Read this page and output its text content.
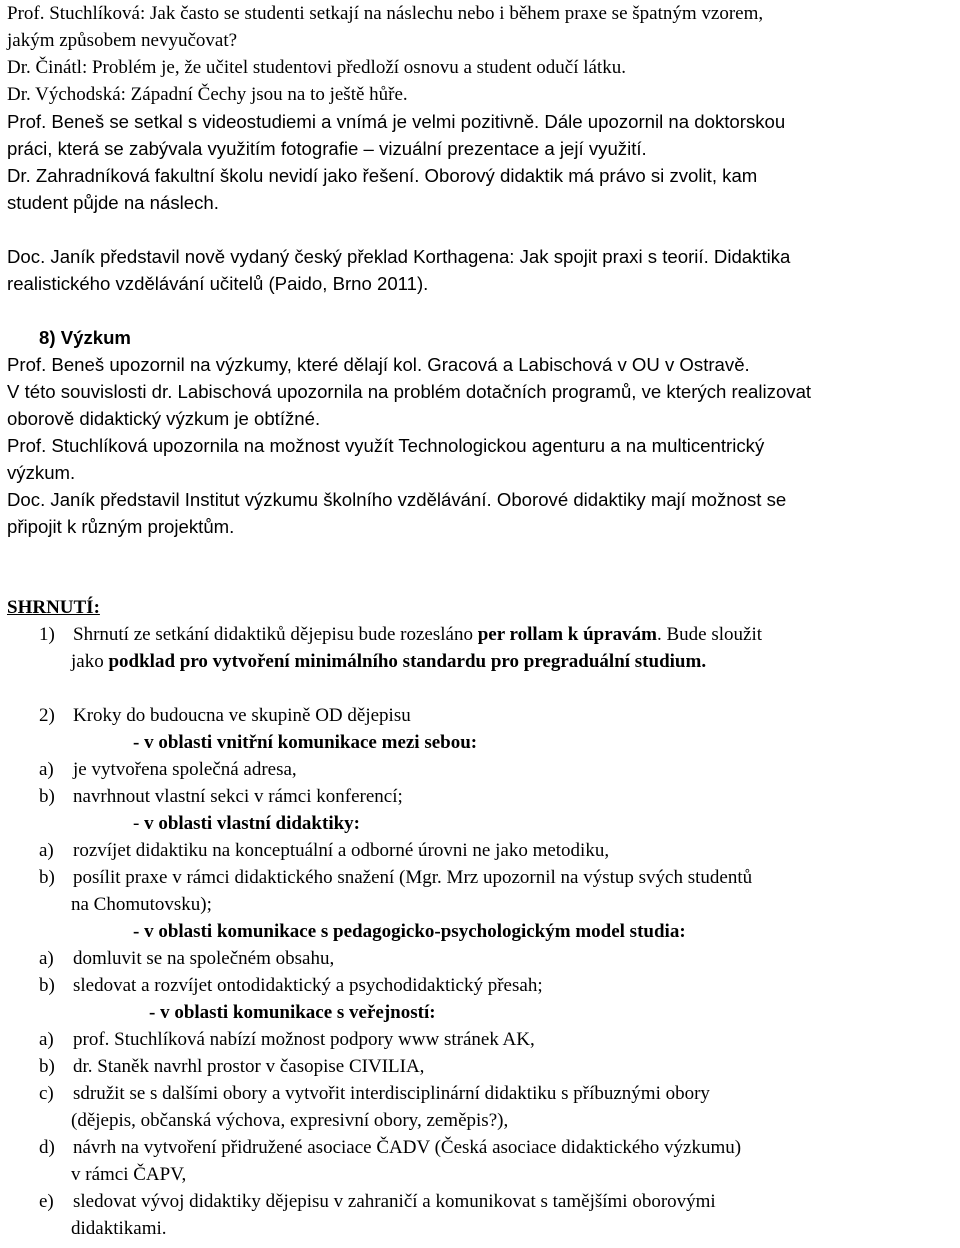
Prof. Stuchlíková: Jak často se studenti setkají na náslechu nebo i během praxe se špatným vzorem,
jakým způsobem nevyučovat?
Dr. Činátl: Problém je, že učitel studentovi předloží osnovu a student odučí látku.
Dr. Východská: Západní Čechy jsou na to ještě hůře.
Prof. Beneš se setkal s videostudiemi a vnímá je velmi pozitivně. Dále upozornil na doktorskou
práci, která se zabývala využitím fotografie – vizuální prezentace a její využití.
Dr. Zahradníková fakultní školu nevidí jako řešení. Oborový didaktik má právo si zvolit, kam
student půjde na náslech.
Doc. Janík představil nově vydaný český překlad Korthagena: Jak spojit praxi s teorií. Didaktika
realistického vzdělávání učitelů (Paido, Brno 2011).
8) Výzkum
Prof. Beneš upozornil na výzkumy, které dělají kol. Gracová a Labischová v OU v Ostravě.
V této souvislosti dr. Labischová upozornila na problém dotačních programů, ve kterých realizovat
oborově didaktický výzkum je obtížné.
Prof. Stuchlíková upozornila na možnost využít Technologickou agenturu a na multicentrický
výzkum.
Doc. Janík představil Institut výzkumu školního vzdělávání. Oborové didaktiky mají možnost se
připojit k různým projektům.
SHRNUTÍ:
1) Shrnutí ze setkání didaktiků dějepisu bude rozesláno per rollam k úpravám. Bude sloužit
jako podklad pro vytvoření minimálního standardu pro pregraduální studium.
2) Kroky do budoucna ve skupině OD dějepisu
- v oblasti vnitřní komunikace mezi sebou:
a)	je vytvořena společná adresa,
b) navrhnout vlastní sekci v rámci konferencí;
- v oblasti vlastní didaktiky:
a)	rozvíjet didaktiku na konceptuální a odborné úrovni ne jako metodiku,
b) posílit praxe v rámci didaktického snažení (Mgr. Mrz upozornil na výstup svých studentů
na Chomutovsku);
- v oblasti komunikace s pedagogicko-psychologickým model studia:
a)	domluvit se na společném obsahu,
b) sledovat a rozvíjet ontodidaktický a psychodidaktický přesah;
- v oblasti komunikace s veřejností:
a)	prof. Stuchlíková nabízí možnost podpory www stránek AK,
b) dr. Staněk navrhl prostor v časopise CIVILIA,
c)	sdružit se s dalšími obory a vytvořit interdisciplinární didaktiku s příbuznými obory
(dějepis, občanská výchova, expresivní obory, zeměpis?),
d) návrh na vytvoření přidružené asociace ČADV (Česká asociace didaktického výzkumu)
v rámci ČAPV,
e)	sledovat vývoj didaktiky dějepisu v zahraničí a komunikovat s tamějšími oborovými
didaktikami.
